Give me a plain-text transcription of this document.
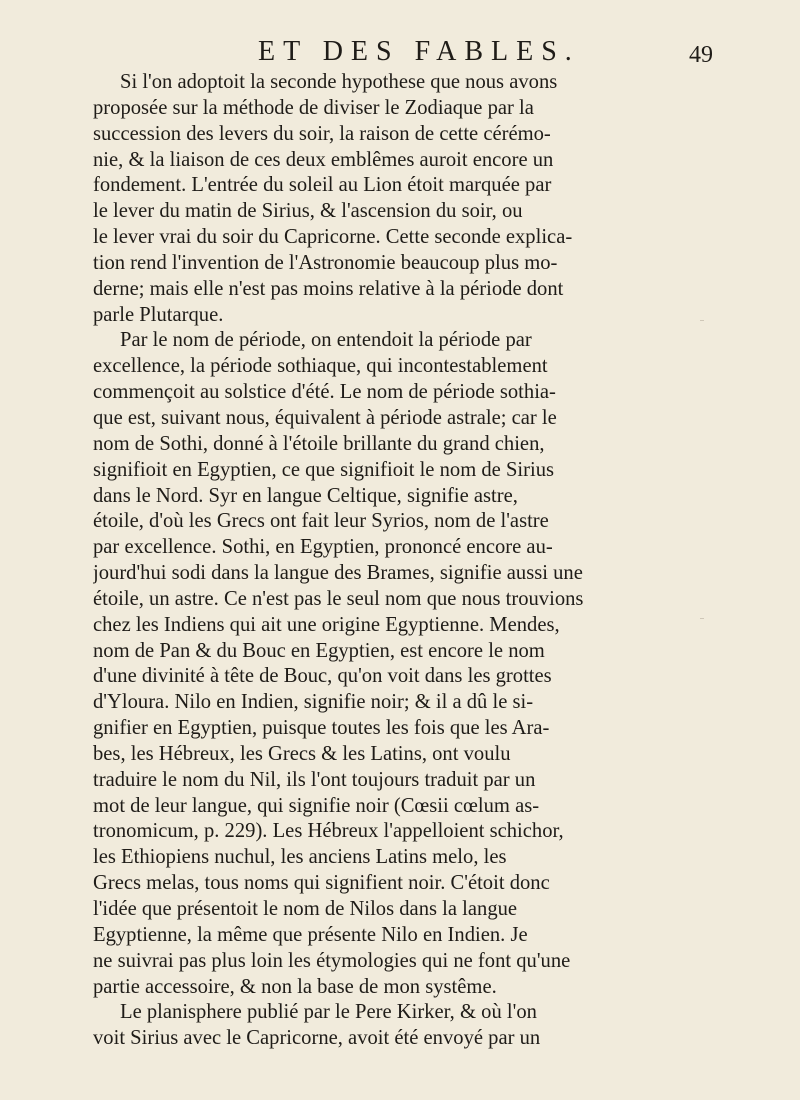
ET DES FABLES.	49
Si l'on adoptoit la seconde hypothese que nous avons
proposée sur la méthode de diviser le Zodiaque par la
succession des levers du soir, la raison de cette cérémo-
nie, & la liaison de ces deux emblêmes auroit encore un
fondement. L'entrée du soleil au Lion étoit marquée par
le lever du matin de Sirius, & l'ascension du soir, ou
le lever vrai du soir du Capricorne. Cette seconde explica-
tion rend l'invention de l'Astronomie beaucoup plus mo-
derne; mais elle n'est pas moins relative à la période dont
parle Plutarque.
Par le nom de période, on entendoit la période par
excellence, la période sothiaque, qui incontestablement
commençoit au solstice d'été. Le nom de période sothia-
que est, suivant nous, équivalent à période astrale; car le
nom de Sothi, donné à l'étoile brillante du grand chien,
signifioit en Egyptien, ce que signifioit le nom de Sirius
dans le Nord. Syr en langue Celtique, signifie astre,
étoile, d'où les Grecs ont fait leur Syrios, nom de l'astre
par excellence. Sothi, en Egyptien, prononcé encore au-
jourd'hui sodi dans la langue des Brames, signifie aussi une
étoile, un astre. Ce n'est pas le seul nom que nous trouvions
chez les Indiens qui ait une origine Egyptienne. Mendes,
nom de Pan & du Bouc en Egyptien, est encore le nom
d'une divinité à tête de Bouc, qu'on voit dans les grottes
d'Yloura. Nilo en Indien, signifie noir; & il a dû le si-
gnifier en Egyptien, puisque toutes les fois que les Ara-
bes, les Hébreux, les Grecs & les Latins, ont voulu
traduire le nom du Nil, ils l'ont toujours traduit par un
mot de leur langue, qui signifie noir (Cœsii cœlum as-
tronomicum, p. 229). Les Hébreux l'appelloient schichor,
les Ethiopiens nuchul, les anciens Latins melo, les
Grecs melas, tous noms qui signifient noir. C'étoit donc
l'idée que présentoit le nom de Nilos dans la langue
Egyptienne, la même que présente Nilo en Indien. Je
ne suivrai pas plus loin les étymologies qui ne font qu'une
partie accessoire, & non la base de mon systême.
Le planisphere publié par le Pere Kirker, & où l'on
voit Sirius avec le Capricorne, avoit été envoyé par un
